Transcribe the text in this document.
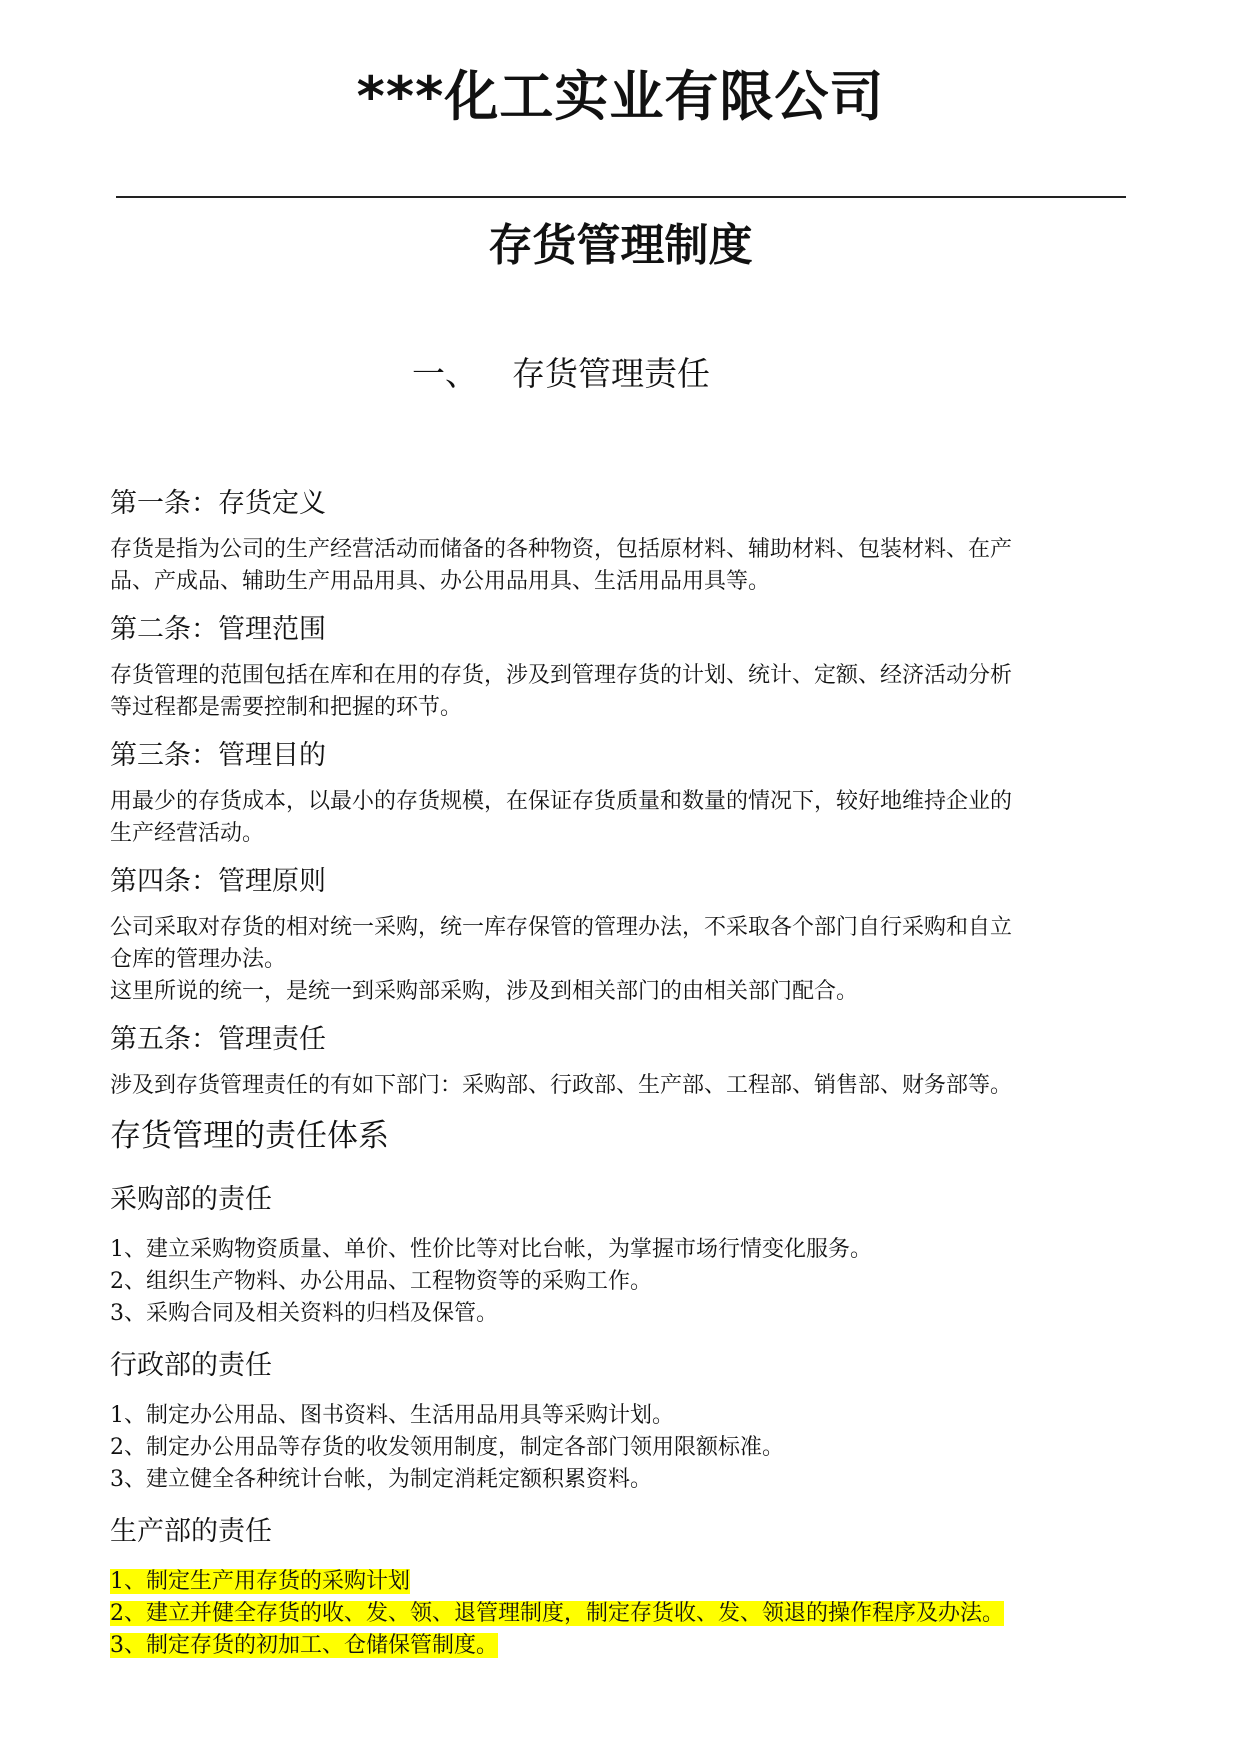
***化工实业有限公司
存货管理制度
一、 存货管理责任
第一条：存货定义
存货是指为公司的生产经营活动而储备的各种物资，包括原材料、辅助材料、包装材料、在产
品、产成品、辅助生产用品用具、办公用品用具、生活用品用具等。
第二条：管理范围
存货管理的范围包括在库和在用的存货，涉及到管理存货的计划、统计、定额、经济活动分析
等过程都是需要控制和把握的环节。
第三条：管理目的
用最少的存货成本，以最小的存货规模，在保证存货质量和数量的情况下，较好地维持企业的
生产经营活动。
第四条：管理原则
公司采取对存货的相对统一采购，统一库存保管的管理办法，不采取各个部门自行采购和自立
仓库的管理办法。
这里所说的统一，是统一到采购部采购，涉及到相关部门的由相关部门配合。
第五条：管理责任
涉及到存货管理责任的有如下部门：采购部、行政部、生产部、工程部、销售部、财务部等。
存货管理的责任体系
采购部的责任
1、建立采购物资质量、单价、性价比等对比台帐，为掌握市场行情变化服务。
2、组织生产物料、办公用品、工程物资等的采购工作。
3、采购合同及相关资料的归档及保管。
行政部的责任
1、制定办公用品、图书资料、生活用品用具等采购计划。
2、制定办公用品等存货的收发领用制度，制定各部门领用限额标准。
3、建立健全各种统计台帐，为制定消耗定额积累资料。
生产部的责任
1、制定生产用存货的采购计划
2、建立并健全存货的收、发、领、退管理制度，制定存货收、发、领退的操作程序及办法。
3、制定存货的初加工、仓储保管制度。
